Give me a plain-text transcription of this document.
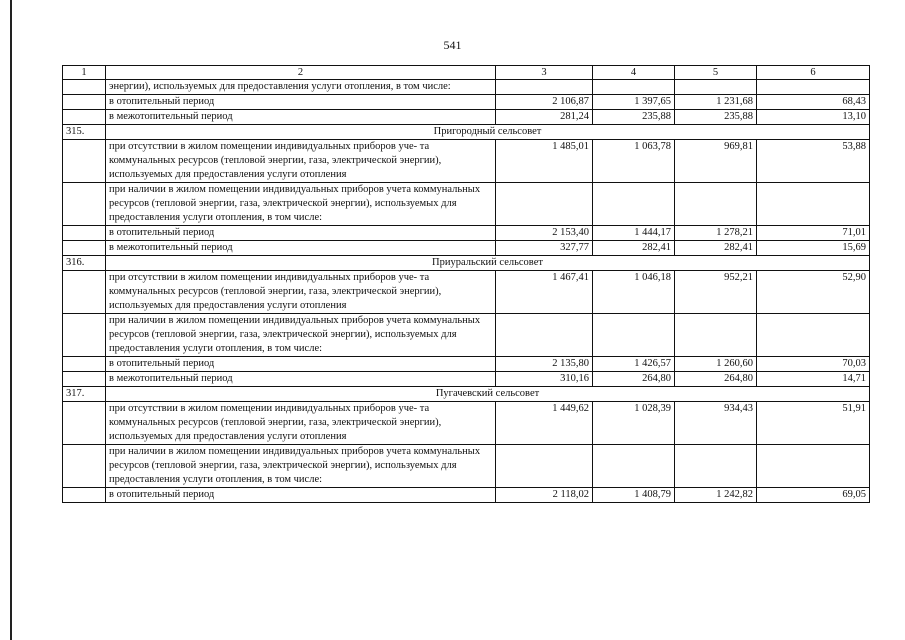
541
1	2	3	4	5	6
	энергии), используемых для предоставления услуги отопления, в том числе:				
	в отопительный период	2 106,87	1 397,65	1 231,68	68,43
	в межотопительный период	281,24	235,88	235,88	13,10
315.	Пригородный сельсовет				
	при отсутствии в жилом помещении индивидуальных приборов уче- та коммунальных ресурсов (тепловой энергии, газа, электрической энергии), используемых для предоставления услуги отопления	1 485,01	1 063,78	969,81	53,88
	при наличии в жилом помещении индивидуальных приборов учета коммунальных ресурсов (тепловой энергии, газа, электрической энергии), используемых для предоставления услуги отопления, в том числе:				
	в отопительный период	2 153,40	1 444,17	1 278,21	71,01
	в межотопительный период	327,77	282,41	282,41	15,69
316.	Приуральский сельсовет				
	при отсутствии в жилом помещении индивидуальных приборов уче- та коммунальных ресурсов (тепловой энергии, газа, электрической энергии), используемых для предоставления услуги отопления	1 467,41	1 046,18	952,21	52,90
	при наличии в жилом помещении индивидуальных приборов учета коммунальных ресурсов (тепловой энергии, газа, электрической энергии), используемых для предоставления услуги отопления, в том числе:				
	в отопительный период	2 135,80	1 426,57	1 260,60	70,03
	в межотопительный период	310,16	264,80	264,80	14,71
317.	Пугачевский сельсовет				
	при отсутствии в жилом помещении индивидуальных приборов уче- та коммунальных ресурсов (тепловой энергии, газа, электрической энергии), используемых для предоставления услуги отопления	1 449,62	1 028,39	934,43	51,91
	при наличии в жилом помещении индивидуальных приборов учета коммунальных ресурсов (тепловой энергии, газа, электрической энергии), используемых для предоставления услуги отопления, в том числе:				
	в отопительный период	2 118,02	1 408,79	1 242,82	69,05
